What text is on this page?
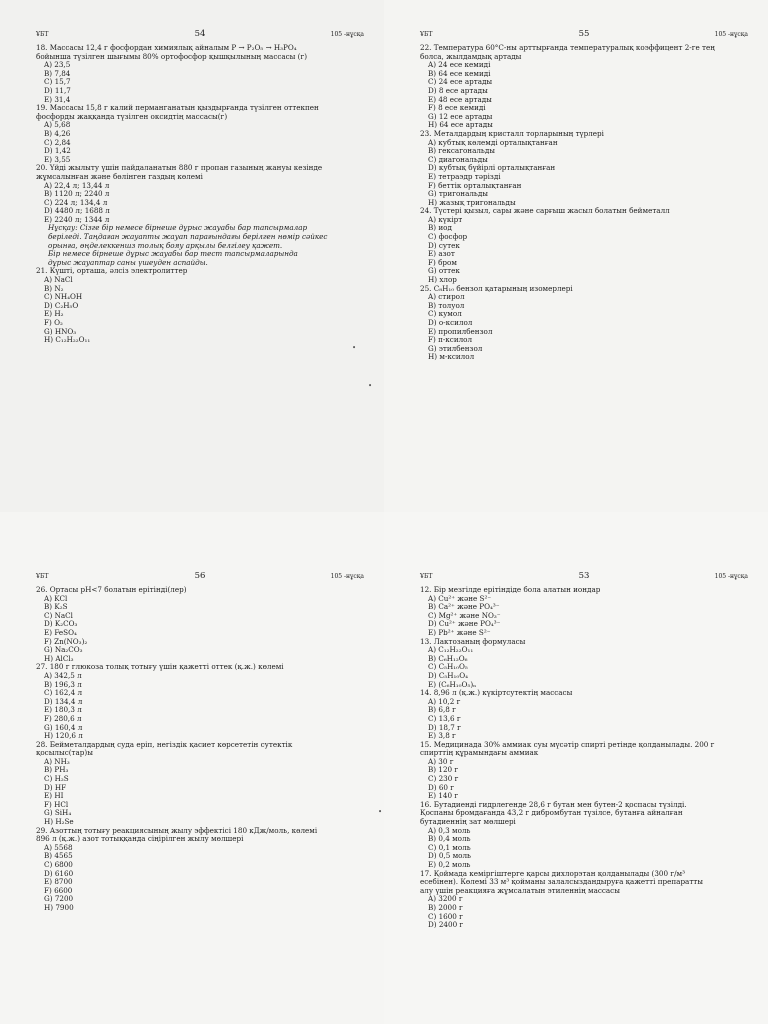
ҰБТ	54	105 -нұсқа
18. Массасы 12,4 г фосфордан химиялық айналым P → P₂O₅ → H₃PO₄
бойынша түзілген шығымы 80% ортофосфор қышқылының массасы (г)
A) 23,5
B) 7,84
C) 15,7
D) 11,7
E) 31,4
19. Массасы 15,8 г калий перманганатын қыздырғанда түзілген оттекпен
фосфорды жаққанда түзілген оксидтің массасы(г)
A) 5,68
B) 4,26
C) 2,84
D) 1,42
E) 3,55
20. Үйді жылыту үшін пайдаланатын 880 г пропан газының жануы кезінде
жұмсалынған және бөлінген газдың көлемі
A) 22,4 л; 13,44 л
B) 1120 л; 2240 л
C) 224 л; 134,4 л
D) 4480 л; 1688 л
E) 2240 л; 1344 л
Нұсқау: Сізге бір немесе бірнеше дұрыс жауабы бар тапсырмалар
беріледі. Таңдаған жауапты жауап парағындағы берілген нөмір сәйкес
орынға, өңделеккеншз толық бояу арқылы белгілеу қажет.
Бір немесе бірнеше дұрыс жауабы бар тест тапсырмаларында
дұрыс жауаптар саны үшеуден аспайды.
21. Күшті, орташа, әлсіз электролиттер
A) NaCl
B) N₂
C) NH₄OH
D) C₂H₅O
E) H₂
F) O₂
G) HNO₃
H) C₁₂H₂₂O₁₁
•
•
ҰБТ	55	105 -нұсқа
22. Температура 60°С-ны арттырғанда температуралық коэффицент 2-ге тең
болса, жылдамдық артады
A) 24 есе кемиді
B) 64 есе кемиді
C) 24 есе артады
D) 8 есе артады
E) 48 есе артады
F) 8 есе кемиді
G) 12 есе артады
H) 64 есе артады
23. Металдардың кристалл торларының түрлері
A) кубтық көлемді орталықтанған
B) гексагональды
C) диагональды
D) кубтық бүйірлі орталықтанған
E) тетраэдр тәрізді
F) беттік орталықтанған
G) тригональды
H) жазық тригональды
24. Түстері қызыл, сары және сарғыш жасыл болатын бейметалл
A) күкірт
B) иод
C) фосфор
D) сутек
E) азот
F) бром
G) оттек
H) хлор
25. C₈H₁₀ бензол қатарының изомерлері
A) стирол
B) толуол
C) кумол
D) о-ксилол
E) пропилбензол
F) п-ксилол
G) этилбензол
H) м-ксилол
ҰБТ	56	105 -нұсқа
26. Ортасы рН<7 болатын ерітінді(лер)
A) KCl
B) K₂S
C) NaCl
D) K₂CO₃
E) FeSO₄
F) Zn(NO₃)₂
G) Na₂CO₃
H) AlCl₃
27. 180 г глюкоза толық тотығу үшін қажетті оттек (қ.ж.) көлемі
A) 342,5 л
B) 196,3 л
C) 162,4 л
D) 134,4 л
E) 180,3 л
F) 280,6 л
G) 160,4 л
H) 120,6 л
28. Бейметалдардың суда еріп, негіздік қасиет көрсететін сутектік
қосылыс(тар)ы
A) NH₃
B) PH₃
C) H₂S
D) HF
E) HI
F) HCl
G) SiH₄
H) H₂Se
29. Азоттың тотығу реакциясының жылу эффектісі 180 кДж/моль, көлемі
896 л (қ.ж.) азот тотыққанда сіңірілген жылу мөлшері
A) 5568
B) 4565
C) 6800
D) 6160
E) 8700
F) 6600
G) 7200
H) 7900
ҰБТ	53	105 -нұсқа
12. Бір мезгілде ерітіндіде бола алатын иондар
A) Cu²⁺ және S²⁻
B) Ca²⁺ және PO₄³⁻
C) Mg²⁺ және NO₃⁻
D) Cu²⁺ және PO₄³⁻
E) Pb²⁺ және S²⁻
13. Лактозаның формуласы
A) C₁₂H₂₂O₁₁
B) C₆H₁₂O₆
C) C₅H₁₀O₅
D) C₅H₁₀O₄
E) (C₆H₁₀O₅)ₙ
14. 8,96 л (қ.ж.) күкіртсутектің массасы
A) 10,2 г
B) 6,8 г
C) 13,6 г
D) 18,7 г
E) 3,8 г
15. Медицинада 30% аммиак суы мүсәтір спирті ретінде қолданылады. 200 г
спирттің құрамындағы аммиак
A) 30 г
B) 120 г
C) 230 г
D) 60 г
E) 140 г
16. Бутадиенді гидрлегенде 28,6 г бутан мен бутен-2 қоспасы түзілді.
Қоспаны бромдағанда 43,2 г дибромбутан түзілсе, бутанға айналған
бутадиеннің зат мөлшері
A) 0,3 моль
B) 0,4 моль
C) 0,1 моль
D) 0,5 моль
E) 0,2 моль
17. Қоймада кеміргіштерге қарсы дихлорэтан қолданылады (300 г/м³
есебінен). Көлемі 33 м³ қойманы залалсыздандыруға қажетті препаратты
алу үшін реакцияға жұмсалатын этиленнің массасы
A) 3200 г
B) 2000 г
C) 1600 г
D) 2400 г
•
